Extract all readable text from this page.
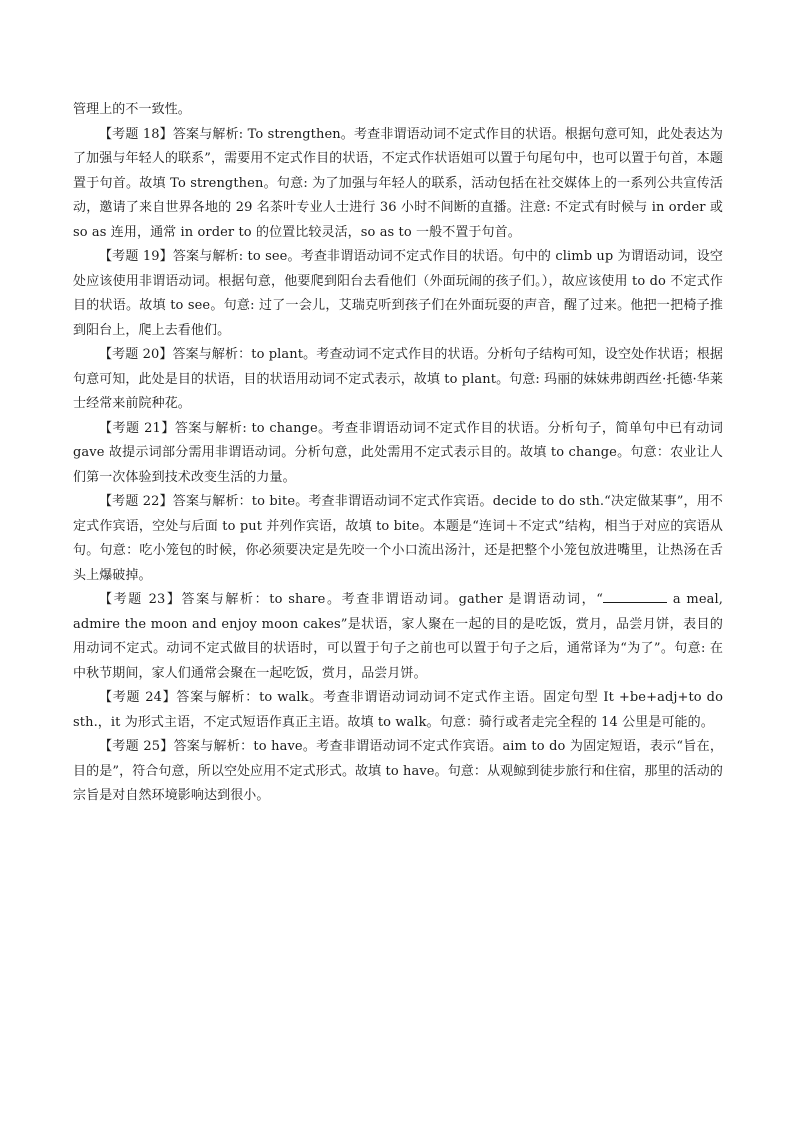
管理上的不一致性。

【考题 18】答案与解析: To strengthen。考查非谓语动词不定式作目的状语。根据句意可知，此处表达为了加强与年轻人的联系”，需要用不定式作目的状语，不定式作状语姐可以置于句尾句中，也可以置于句首，本题置于句首。故填 To strengthen。句意: 为了加强与年轻人的联系，活动包括在社交媒体上的一系列公共宣传活动，邀请了来自世界各地的 29 名茶叶专业人士进行 36 小时不间断的直播。注意: 不定式有时候与 in order 或 so as 连用，通常 in order to 的位置比较灵活，so as to 一般不置于句首。

【考题 19】答案与解析: to see。考查非谓语动词不定式作目的状语。句中的 climb up 为谓语动词，设空处应该使用非谓语动词。根据句意，他要爬到阳台去看他们（外面玩闹的孩子们。），故应该使用 to do 不定式作目的状语。故填 to see。句意: 过了一会儿，艾瑞克听到孩子们在外面玩耍的声音，醒了过来。他把一把椅子推到阳台上，爬上去看他们。

【考题 20】答案与解析：to plant。考查动词不定式作目的状语。分析句子结构可知，设空处作状语；根据句意可知，此处是目的状语，目的状语用动词不定式表示，故填 to plant。句意: 玛丽的妹妹弗朗西丝·托德·华莱士经常来前院种花。

【考题 21】答案与解析: to change。考查非谓语动词不定式作目的状语。分析句子，简单句中已有动词 gave 故提示词部分需用非谓语动词。分析句意，此处需用不定式表示目的。故填 to change。句意：农业让人们第一次体验到技术改变生活的力量。

【考题 22】答案与解析：to bite。考查非谓语动词不定式作宾语。decide to do sth.“决定做某事”，用不定式作宾语，空处与后面 to put 并列作宾语，故填 to bite。本题是“连词＋不定式”结构，相当于对应的宾语从句。句意：吃小笼包的时候，你必须要决定是先咬一个小口流出汤汁，还是把整个小笼包放进嘴里，让热汤在舌头上爆破掉。

【考题 23】答案与解析：to share。考查非谓语动词。gather 是谓语动词，“	a meal, admire the moon and enjoy moon cakes”是状语，家人聚在一起的目的是吃饭，赏月，品尝月饼，表目的用动词不定式。动词不定式做目的状语时，可以置于句子之前也可以置于句子之后，通常译为“为了”。句意: 在中秋节期间，家人们通常会聚在一起吃饭，赏月，品尝月饼。

【考题 24】答案与解析：to walk。考查非谓语动词动词不定式作主语。固定句型 It +be+adj+to do sth.，it 为形式主语，不定式短语作真正主语。故填 to walk。句意：骑行或者走完全程的 14 公里是可能的。

【考题 25】答案与解析：to have。考查非谓语动词不定式作宾语。aim to do 为固定短语，表示“旨在，目的是”，符合句意，所以空处应用不定式形式。故填 to have。句意：从观鲸到徒步旅行和住宿，那里的活动的宗旨是对自然环境影响达到很小。
